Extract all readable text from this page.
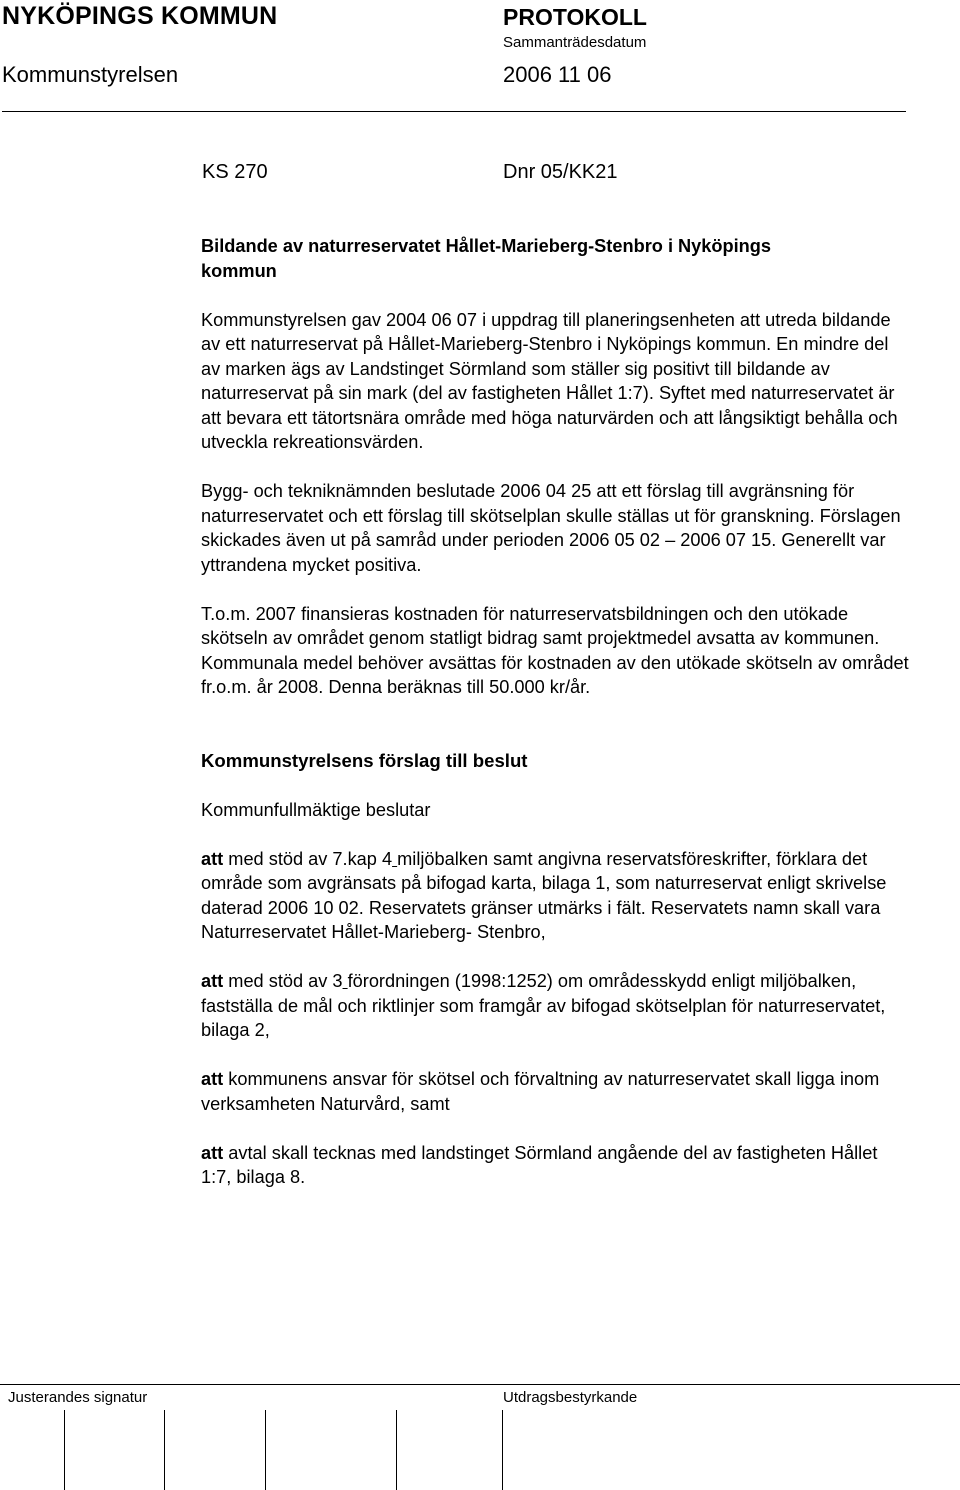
NYKÖPINGS KOMMUN	PROTOKOLL
Sammanträdesdatum
Kommunstyrelsen	2006 11 06
KS 270	Dnr 05/KK21

Bildande av naturreservatet Hållet-Marieberg-Stenbro i Nyköpings
kommun

Kommunstyrelsen gav 2004 06 07 i uppdrag till planeringsenheten att utreda bildande av ett naturreservat på Hållet-Marieberg-Stenbro i Nyköpings kommun. En mindre del av marken ägs av Landstinget Sörmland som ställer sig positivt till bildande av naturreservat på sin mark (del av fastigheten Hållet 1:7). Syftet med naturreservatet är att bevara ett tätortsnära område med höga naturvärden och att långsiktigt behålla och utveckla rekreationsvärden.

Bygg- och tekniknämnden beslutade 2006 04 25 att ett förslag till avgränsning för naturreservatet och ett förslag till skötselplan skulle ställas ut för granskning. Förslagen skickades även ut på samråd under perioden 2006 05 02 – 2006 07 15. Generellt var yttrandena mycket positiva.

T.o.m. 2007 finansieras kostnaden för naturreservatsbildningen och den utökade skötseln av området genom statligt bidrag samt projektmedel avsatta av kommunen. Kommunala medel behöver avsättas för kostnaden av den utökade skötseln av området fr.o.m. år 2008. Denna beräknas till 50.000 kr/år.

Kommunstyrelsens förslag till beslut

Kommunfullmäktige beslutar

att med stöd av 7.kap 4 miljöbalken samt angivna reservatsföreskrifter, förklara det område som avgränsats på bifogad karta, bilaga 1, som naturreservat enligt skrivelse daterad 2006 10 02. Reservatets gränser utmärks i fält. Reservatets namn skall vara Naturreservatet Hållet-Marieberg- Stenbro,

att med stöd av 3 förordningen (1998:1252) om områdesskydd enligt miljöbalken, fastställa de mål och riktlinjer som framgår av bifogad skötselplan för naturreservatet, bilaga 2,

att kommunens ansvar för skötsel och förvaltning av naturreservatet skall ligga inom verksamheten Naturvård, samt

att avtal skall tecknas med landstinget Sörmland angående del av fastigheten Hållet 1:7, bilaga 8.

Justerandes signatur	Utdragsbestyrkande
